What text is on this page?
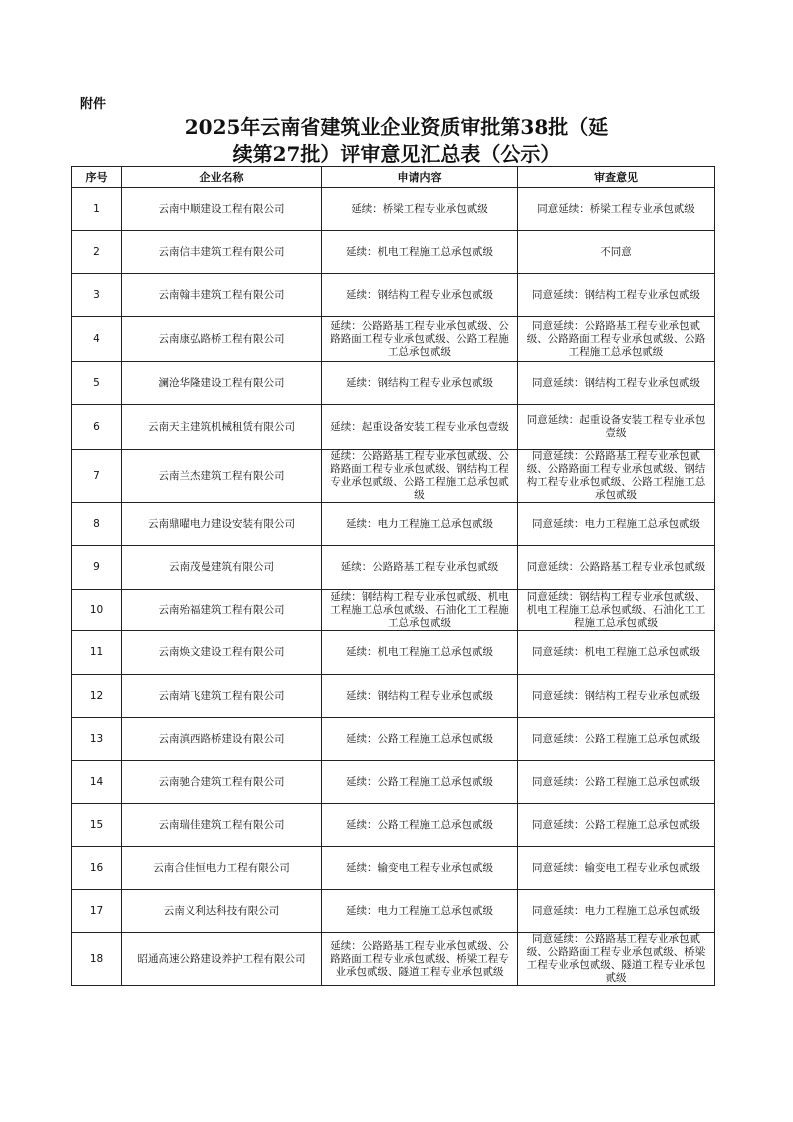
附件
2025年云南省建筑业企业资质审批第38批（延
续第27批）评审意见汇总表（公示）
序号	企业名称	申请内容	审查意见
1	云南中顺建设工程有限公司	延续：桥梁工程专业承包贰级	同意延续：桥梁工程专业承包贰级
2	云南信丰建筑工程有限公司	延续：机电工程施工总承包贰级	不同意
3	云南翰丰建筑工程有限公司	延续：钢结构工程专业承包贰级	同意延续：钢结构工程专业承包贰级
4	云南康弘路桥工程有限公司	延续：公路路基工程专业承包贰级、公路路面工程专业承包贰级、公路工程施工总承包贰级	同意延续：公路路基工程专业承包贰级、公路路面工程专业承包贰级、公路工程施工总承包贰级
5	澜沧华隆建设工程有限公司	延续：钢结构工程专业承包贰级	同意延续：钢结构工程专业承包贰级
6	云南天主建筑机械租赁有限公司	延续：起重设备安装工程专业承包壹级	同意延续：起重设备安装工程专业承包壹级
7	云南兰杰建筑工程有限公司	延续：公路路基工程专业承包贰级、公路路面工程专业承包贰级、钢结构工程专业承包贰级、公路工程施工总承包贰级	同意延续：公路路基工程专业承包贰级、公路路面工程专业承包贰级、钢结构工程专业承包贰级、公路工程施工总承包贰级
8	云南鼎曜电力建设安装有限公司	延续：电力工程施工总承包贰级	同意延续：电力工程施工总承包贰级
9	云南茂曼建筑有限公司	延续：公路路基工程专业承包贰级	同意延续：公路路基工程专业承包贰级
10	云南殆福建筑工程有限公司	延续：钢结构工程专业承包贰级、机电工程施工总承包贰级、石油化工工程施工总承包贰级	同意延续：钢结构工程专业承包贰级、机电工程施工总承包贰级、石油化工工程施工总承包贰级
11	云南焕文建设工程有限公司	延续：机电工程施工总承包贰级	同意延续：机电工程施工总承包贰级
12	云南靖飞建筑工程有限公司	延续：钢结构工程专业承包贰级	同意延续：钢结构工程专业承包贰级
13	云南滇西路桥建设有限公司	延续：公路工程施工总承包贰级	同意延续：公路工程施工总承包贰级
14	云南驰合建筑工程有限公司	延续：公路工程施工总承包贰级	同意延续：公路工程施工总承包贰级
15	云南瑞佳建筑工程有限公司	延续：公路工程施工总承包贰级	同意延续：公路工程施工总承包贰级
16	云南合佳恒电力工程有限公司	延续：输变电工程专业承包贰级	同意延续：输变电工程专业承包贰级
17	云南义利达科技有限公司	延续：电力工程施工总承包贰级	同意延续：电力工程施工总承包贰级
18	昭通高速公路建设养护工程有限公司	延续：公路路基工程专业承包贰级、公路路面工程专业承包贰级、桥梁工程专业承包贰级、隧道工程专业承包贰级	同意延续：公路路基工程专业承包贰级、公路路面工程专业承包贰级、桥梁工程专业承包贰级、隧道工程专业承包贰级
